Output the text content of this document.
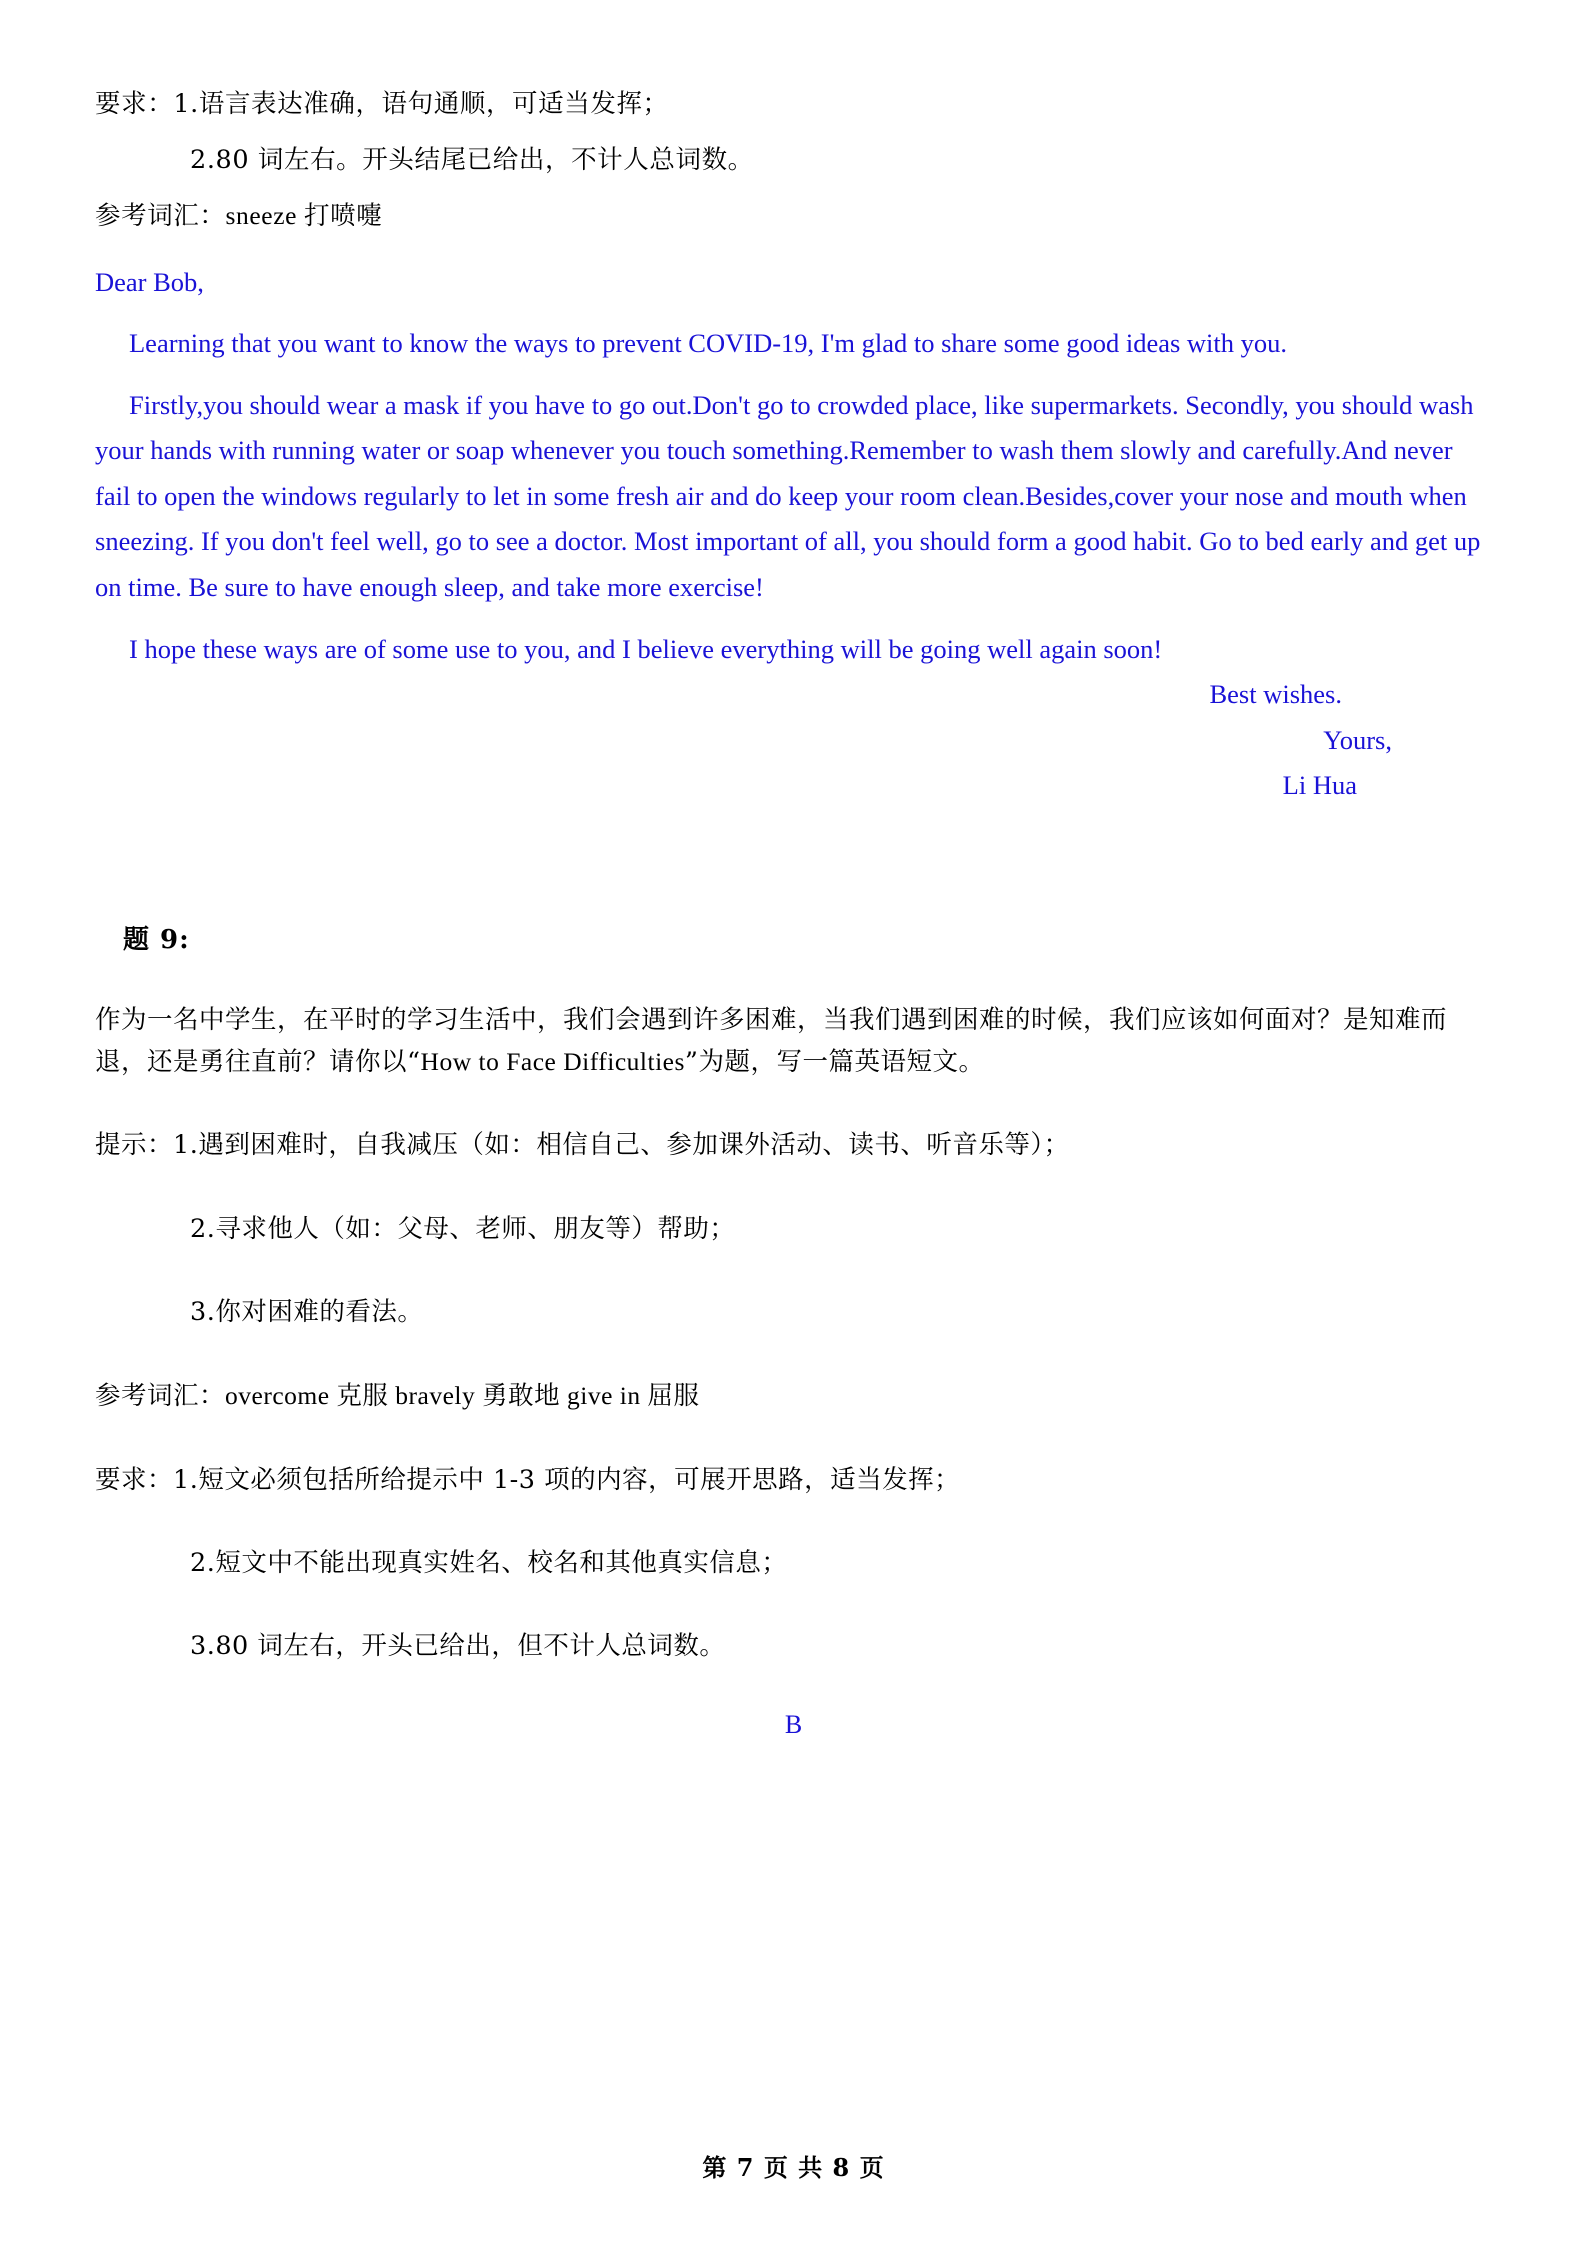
要求：1.语言表达准确，语句通顺，可适当发挥；
2.80 词左右。开头结尾已给出，不计人总词数。
参考词汇：sneeze 打喷嚏

Dear Bob,

Learning that you want to know the ways to prevent COVID-19, I'm glad to share some good ideas with you.

Firstly,you should wear a mask if you have to go out.Don't go to crowded place, like supermarkets. Secondly, you should wash your hands with running water or soap whenever you touch something.Remember to wash them slowly and carefully.And never fail to open the windows regularly to let in some fresh air and do keep your room clean.Besides,cover your nose and mouth when sneezing. If you don't feel well, go to see a doctor. Most important of all, you should form a good habit. Go to bed early and get up on time. Be sure to have enough sleep, and take more exercise!

I hope these ways are of some use to you, and I believe everything will be going well again soon!

Best wishes.
Yours,
Li Hua
题 9:

作为一名中学生，在平时的学习生活中，我们会遇到许多困难，当我们遇到困难的时候，我们应该如何面对？是知难而退，还是勇往直前？请你以“How to Face Difficulties”为题，写一篇英语短文。

提示：1.遇到困难时，自我减压（如：相信自己、参加课外活动、读书、听音乐等）；

2.寻求他人（如：父母、老师、朋友等）帮助；

3.你对困难的看法。

参考词汇：overcome 克服 bravely 勇敢地 give in 屈服

要求：1.短文必须包括所给提示中 1-3 项的内容，可展开思路，适当发挥；

2.短文中不能出现真实姓名、校名和其他真实信息；

3.80 词左右，开头已给出，但不计人总词数。

B
第 7 页 共 8 页
